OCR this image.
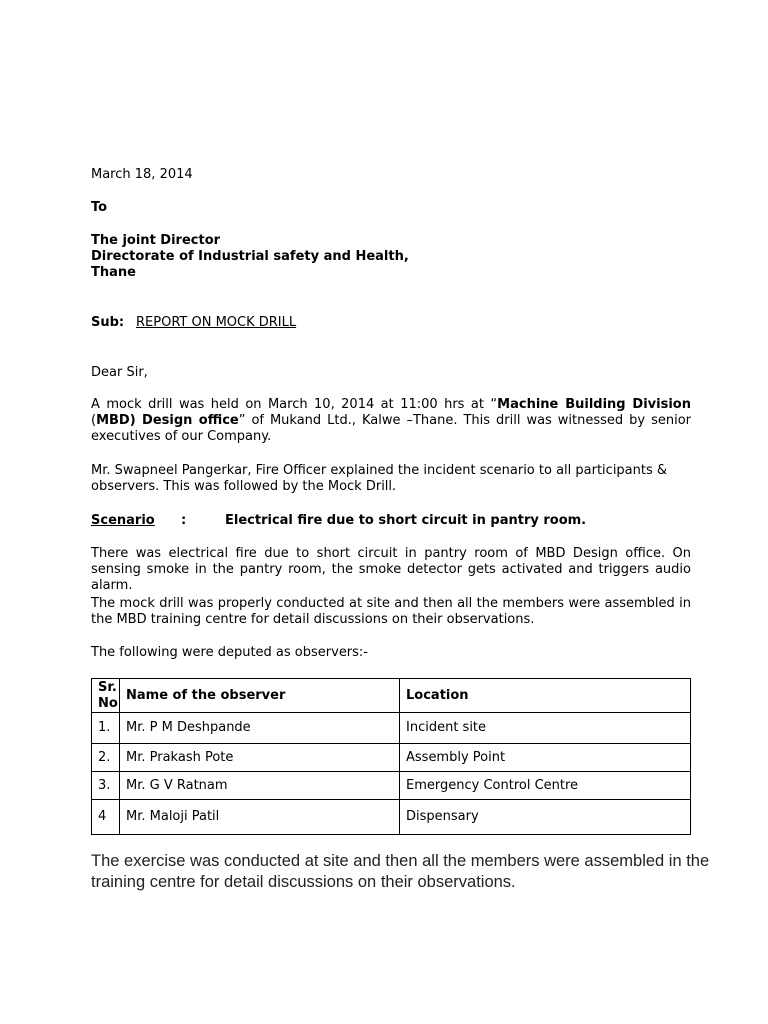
March 18, 2014
To
The joint Director
Directorate of Industrial safety and Health,
Thane
Sub: REPORT ON MOCK DRILL
Dear Sir,
A mock drill was held on March 10, 2014 at 11:00 hrs at “Machine Building Division (MBD) Design office” of Mukand Ltd., Kalwe –Thane. This drill was witnessed by senior executives of our Company.
Mr. Swapneel Pangerkar, Fire Officer explained the incident scenario to all participants & observers. This was followed by the Mock Drill.
Scenario :	Electrical fire due to short circuit in pantry room.
There was electrical fire due to short circuit in pantry room of MBD Design office. On sensing smoke in the pantry room, the smoke detector gets activated and triggers audio alarm.
The mock drill was properly conducted at site and then all the members were assembled in the MBD training centre for detail discussions on their observations.
The following were deputed as observers:-
Sr. No	Name of the observer	Location
1.	Mr. P M Deshpande	Incident site
2.	Mr. Prakash Pote	Assembly Point
3.	Mr. G V Ratnam	Emergency Control Centre
4	Mr. Maloji Patil	Dispensary
The exercise was conducted at site and then all the members were assembled in the training centre for detail discussions on their observations.
